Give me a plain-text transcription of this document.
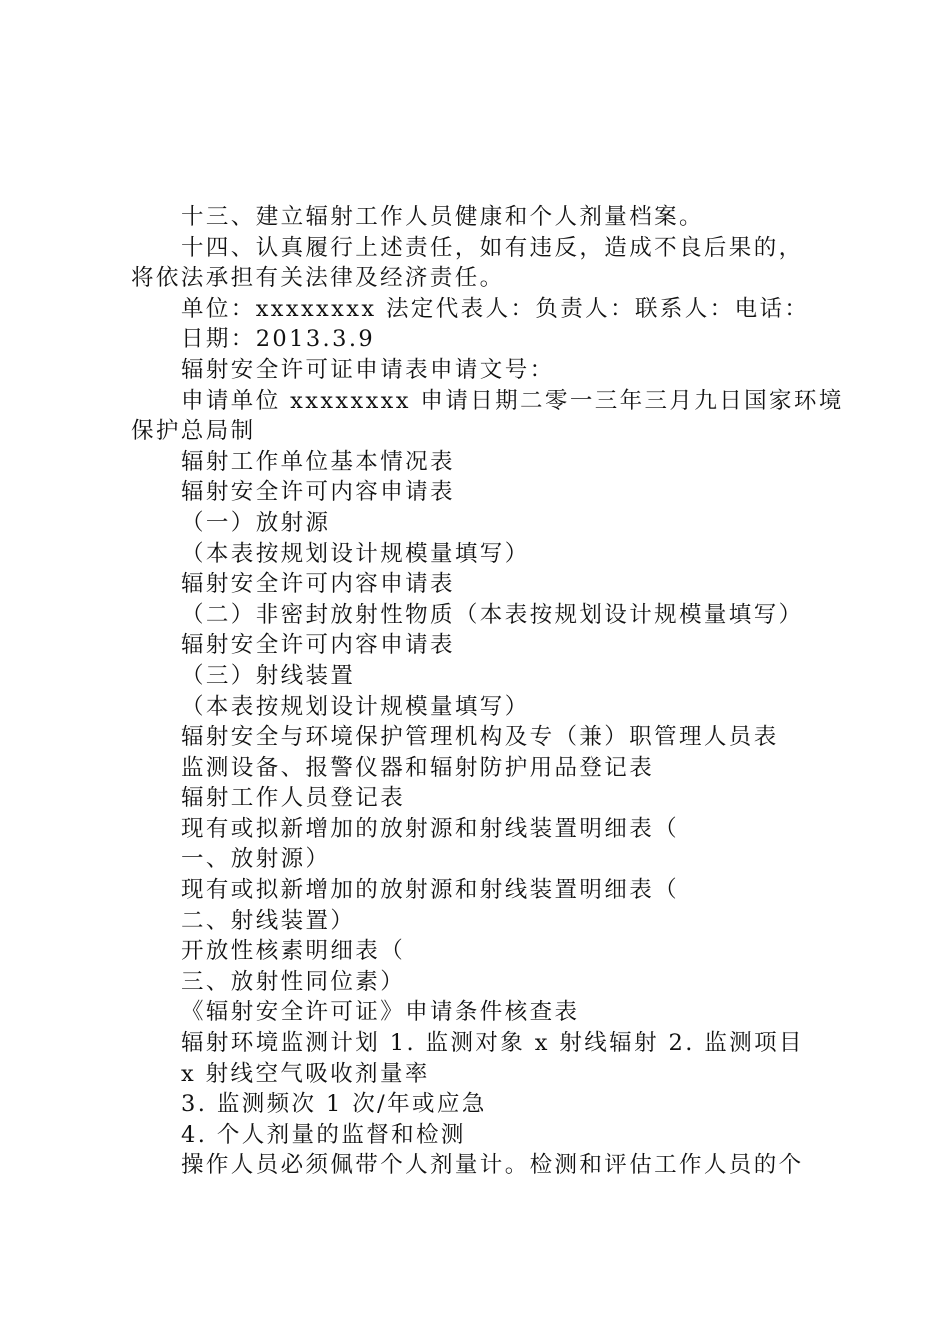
十三、建立辐射工作人员健康和个人剂量档案。
十四、认真履行上述责任，如有违反，造成不良后果的，
将依法承担有关法律及经济责任。
单位：xxxxxxxx 法定代表人：负责人：联系人：电话：
日期：2013.3.9
辐射安全许可证申请表申请文号：
申请单位 xxxxxxxx 申请日期二零一三年三月九日国家环境
保护总局制
辐射工作单位基本情况表
辐射安全许可内容申请表
（一）放射源
（本表按规划设计规模量填写）
辐射安全许可内容申请表
（二）非密封放射性物质（本表按规划设计规模量填写）
辐射安全许可内容申请表
（三）射线装置
（本表按规划设计规模量填写）
辐射安全与环境保护管理机构及专（兼）职管理人员表
监测设备、报警仪器和辐射防护用品登记表
辐射工作人员登记表
现有或拟新增加的放射源和射线装置明细表（
一、放射源）
现有或拟新增加的放射源和射线装置明细表（
二、射线装置）
开放性核素明细表（
三、放射性同位素）
《辐射安全许可证》申请条件核查表
辐射环境监测计划 1. 监测对象 x 射线辐射 2. 监测项目
x 射线空气吸收剂量率
3. 监测频次 1 次/年或应急
4. 个人剂量的监督和检测
操作人员必须佩带个人剂量计。检测和评估工作人员的个
